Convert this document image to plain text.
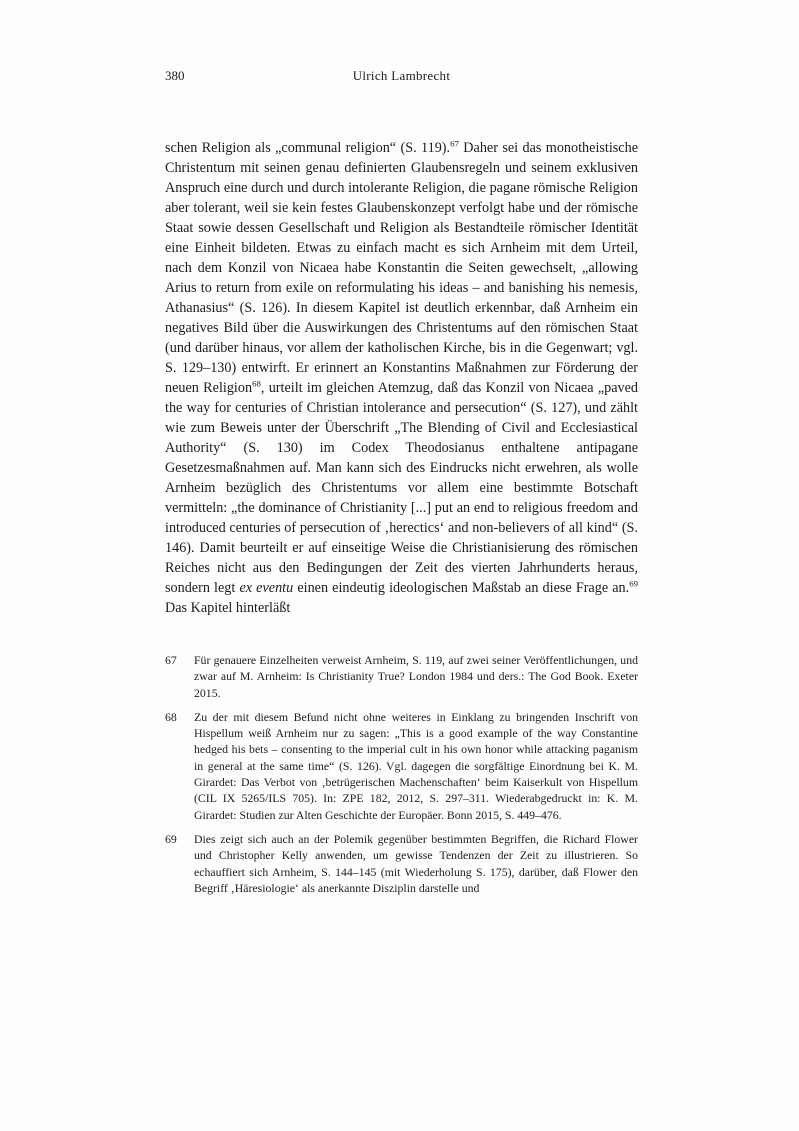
380	Ulrich Lambrecht
schen Religion als „communal religion“ (S. 119).$^{67}$ Daher sei das monotheistische Christentum mit seinen genau definierten Glaubensregeln und seinem exklusiven Anspruch eine durch und durch intolerante Religion, die pagane römische Religion aber tolerant, weil sie kein festes Glaubenskonzept verfolgt habe und der römische Staat sowie dessen Gesellschaft und Religion als Bestandteile römischer Identität eine Einheit bildeten. Etwas zu einfach macht es sich Arnheim mit dem Urteil, nach dem Konzil von Nicaea habe Konstantin die Seiten gewechselt, „allowing Arius to return from exile on reformulating his ideas – and banishing his nemesis, Athanasius“ (S. 126). In diesem Kapitel ist deutlich erkennbar, daß Arnheim ein negatives Bild über die Auswirkungen des Christentums auf den römischen Staat (und darüber hinaus, vor allem der katholischen Kirche, bis in die Gegenwart; vgl. S. 129–130) entwirft. Er erinnert an Konstantins Maßnahmen zur Förderung der neuen Religion$^{68}$, urteilt im gleichen Atemzug, daß das Konzil von Nicaea „paved the way for centuries of Christian intolerance and persecution“ (S. 127), und zählt wie zum Beweis unter der Überschrift „The Blending of Civil and Ecclesiastical Authority“ (S. 130) im Codex Theodosianus enthaltene antipagane Gesetzesmaßnahmen auf. Man kann sich des Eindrucks nicht erwehren, als wolle Arnheim bezüglich des Christentums vor allem eine bestimmte Botschaft vermitteln: „the dominance of Christianity [...] put an end to religious freedom and introduced centuries of persecution of ‚herectics‘ and non-believers of all kind“ (S. 146). Damit beurteilt er auf einseitige Weise die Christianisierung des römischen Reiches nicht aus den Bedingungen der Zeit des vierten Jahrhunderts heraus, sondern legt ex eventu einen eindeutig ideologischen Maßstab an diese Frage an.$^{69}$ Das Kapitel hinterläßt
67	Für genauere Einzelheiten verweist Arnheim, S. 119, auf zwei seiner Veröffentlichungen, und zwar auf M. Arnheim: Is Christianity True? London 1984 und ders.: The God Book. Exeter 2015.
68	Zu der mit diesem Befund nicht ohne weiteres in Einklang zu bringenden Inschrift von Hispellum weiß Arnheim nur zu sagen: „This is a good example of the way Constantine hedged his bets – consenting to the imperial cult in his own honor while attacking paganism in general at the same time“ (S. 126). Vgl. dagegen die sorgfältige Einordnung bei K. M. Girardet: Das Verbot von ‚betrügerischen Machenschaften‘ beim Kaiserkult von Hispellum (CIL IX 5265/ILS 705). In: ZPE 182, 2012, S. 297–311. Wiederabgedruckt in: K. M. Girardet: Studien zur Alten Geschichte der Europäer. Bonn 2015, S. 449–476.
69	Dies zeigt sich auch an der Polemik gegenüber bestimmten Begriffen, die Richard Flower und Christopher Kelly anwenden, um gewisse Tendenzen der Zeit zu illustrieren. So echauffiert sich Arnheim, S. 144–145 (mit Wiederholung S. 175), darüber, daß Flower den Begriff ‚Häresiologie‘ als anerkannte Disziplin darstelle und
